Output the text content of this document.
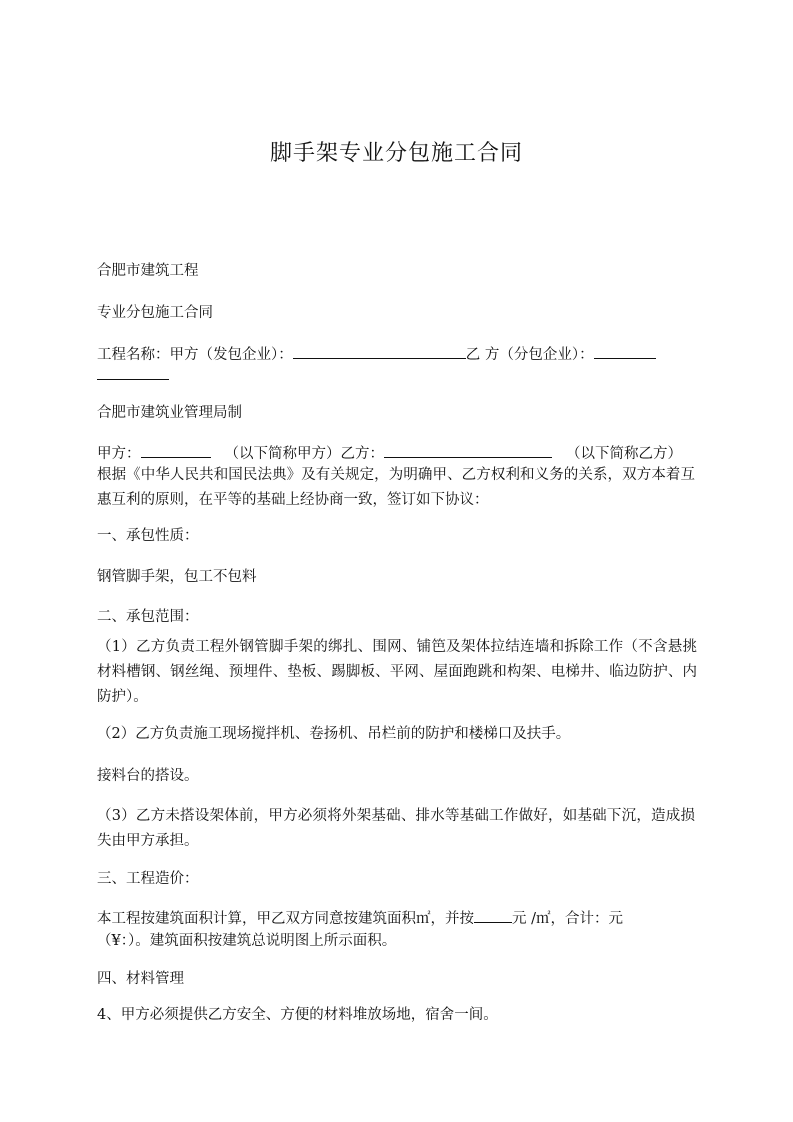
脚手架专业分包施工合同
合肥市建筑工程
专业分包施工合同
工程名称：甲方（发包企业）：	乙 方（分包企业）：
合肥市建筑业管理局制
甲方：	（以下简称甲方）乙方：	（以下简称乙方）
根据《中华人民共和国民法典》及有关规定，为明确甲、乙方权利和义务的关系，双方本着互惠互利的原则，在平等的基础上经协商一致，签订如下协议：
一、承包性质：
钢管脚手架，包工不包料
二、承包范围：
（1）乙方负责工程外钢管脚手架的绑扎、围网、铺笆及架体拉结连墙和拆除工作（不含悬挑材料槽钢、钢丝绳、预埋件、垫板、踢脚板、平网、屋面跑跳和构架、电梯井、临边防护、内防护）。
（2）乙方负责施工现场搅拌机、卷扬机、吊栏前的防护和楼梯口及扶手。
接料台的搭设。
（3）乙方未搭设架体前，甲方必须将外架基础、排水等基础工作做好，如基础下沉，造成损失由甲方承担。
三、工程造价：
本工程按建筑面积计算，甲乙双方同意按建筑面积㎡，并按	元 /㎡，合计：元
（¥：）。建筑面积按建筑总说明图上所示面积。
四、材料管理
4、甲方必须提供乙方安全、方便的材料堆放场地，宿舍一间。
